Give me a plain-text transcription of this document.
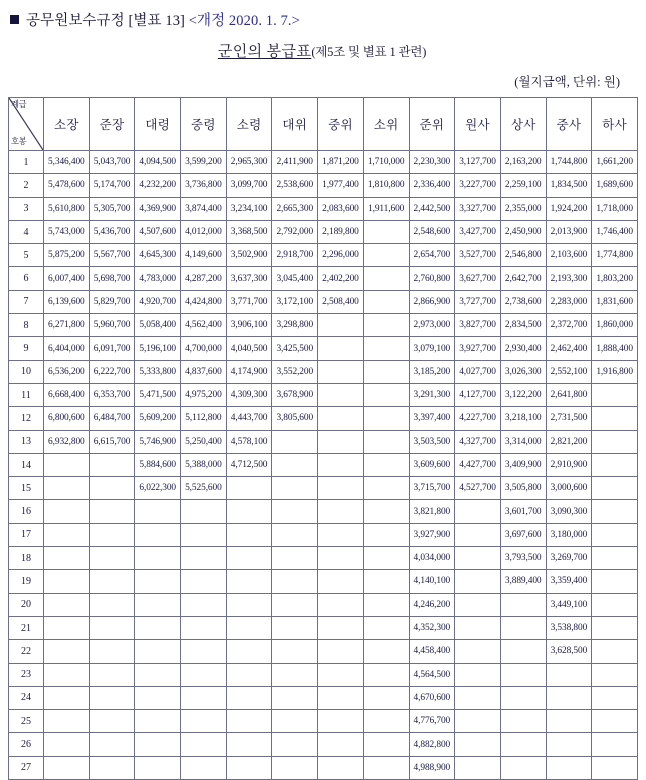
공무원보수규정 [별표 13] <개정 2020. 1. 7.>
군인의 봉급표(제5조 및 별표 1 관련)
(월지급액, 단위: 원)
계급
호봉	소장	준장	대령	중령	소령	대위	중위	소위	준위	원사	상사	중사	하사
1	5,346,400	5,043,700	4,094,500	3,599,200	2,965,300	2,411,900	1,871,200	1,710,000	2,230,300	3,127,700	2,163,200	1,744,800	1,661,200
2	5,478,600	5,174,700	4,232,200	3,736,800	3,099,700	2,538,600	1,977,400	1,810,800	2,336,400	3,227,700	2,259,100	1,834,500	1,689,600
3	5,610,800	5,305,700	4,369,900	3,874,400	3,234,100	2,665,300	2,083,600	1,911,600	2,442,500	3,327,700	2,355,000	1,924,200	1,718,000
4	5,743,000	5,436,700	4,507,600	4,012,000	3,368,500	2,792,000	2,189,800		2,548,600	3,427,700	2,450,900	2,013,900	1,746,400
5	5,875,200	5,567,700	4,645,300	4,149,600	3,502,900	2,918,700	2,296,000		2,654,700	3,527,700	2,546,800	2,103,600	1,774,800
6	6,007,400	5,698,700	4,783,000	4,287,200	3,637,300	3,045,400	2,402,200		2,760,800	3,627,700	2,642,700	2,193,300	1,803,200
7	6,139,600	5,829,700	4,920,700	4,424,800	3,771,700	3,172,100	2,508,400		2,866,900	3,727,700	2,738,600	2,283,000	1,831,600
8	6,271,800	5,960,700	5,058,400	4,562,400	3,906,100	3,298,800			2,973,000	3,827,700	2,834,500	2,372,700	1,860,000
9	6,404,000	6,091,700	5,196,100	4,700,000	4,040,500	3,425,500			3,079,100	3,927,700	2,930,400	2,462,400	1,888,400
10	6,536,200	6,222,700	5,333,800	4,837,600	4,174,900	3,552,200			3,185,200	4,027,700	3,026,300	2,552,100	1,916,800
11	6,668,400	6,353,700	5,471,500	4,975,200	4,309,300	3,678,900			3,291,300	4,127,700	3,122,200	2,641,800	
12	6,800,600	6,484,700	5,609,200	5,112,800	4,443,700	3,805,600			3,397,400	4,227,700	3,218,100	2,731,500	
13	6,932,800	6,615,700	5,746,900	5,250,400	4,578,100				3,503,500	4,327,700	3,314,000	2,821,200	
14			5,884,600	5,388,000	4,712,500				3,609,600	4,427,700	3,409,900	2,910,900	
15			6,022,300	5,525,600					3,715,700	4,527,700	3,505,800	3,000,600	
16									3,821,800		3,601,700	3,090,300	
17									3,927,900		3,697,600	3,180,000	
18									4,034,000		3,793,500	3,269,700	
19									4,140,100		3,889,400	3,359,400	
20									4,246,200			3,449,100	
21									4,352,300			3,538,800	
22									4,458,400			3,628,500	
23									4,564,500				
24									4,670,600				
25									4,776,700				
26									4,882,800				
27									4,988,900				
